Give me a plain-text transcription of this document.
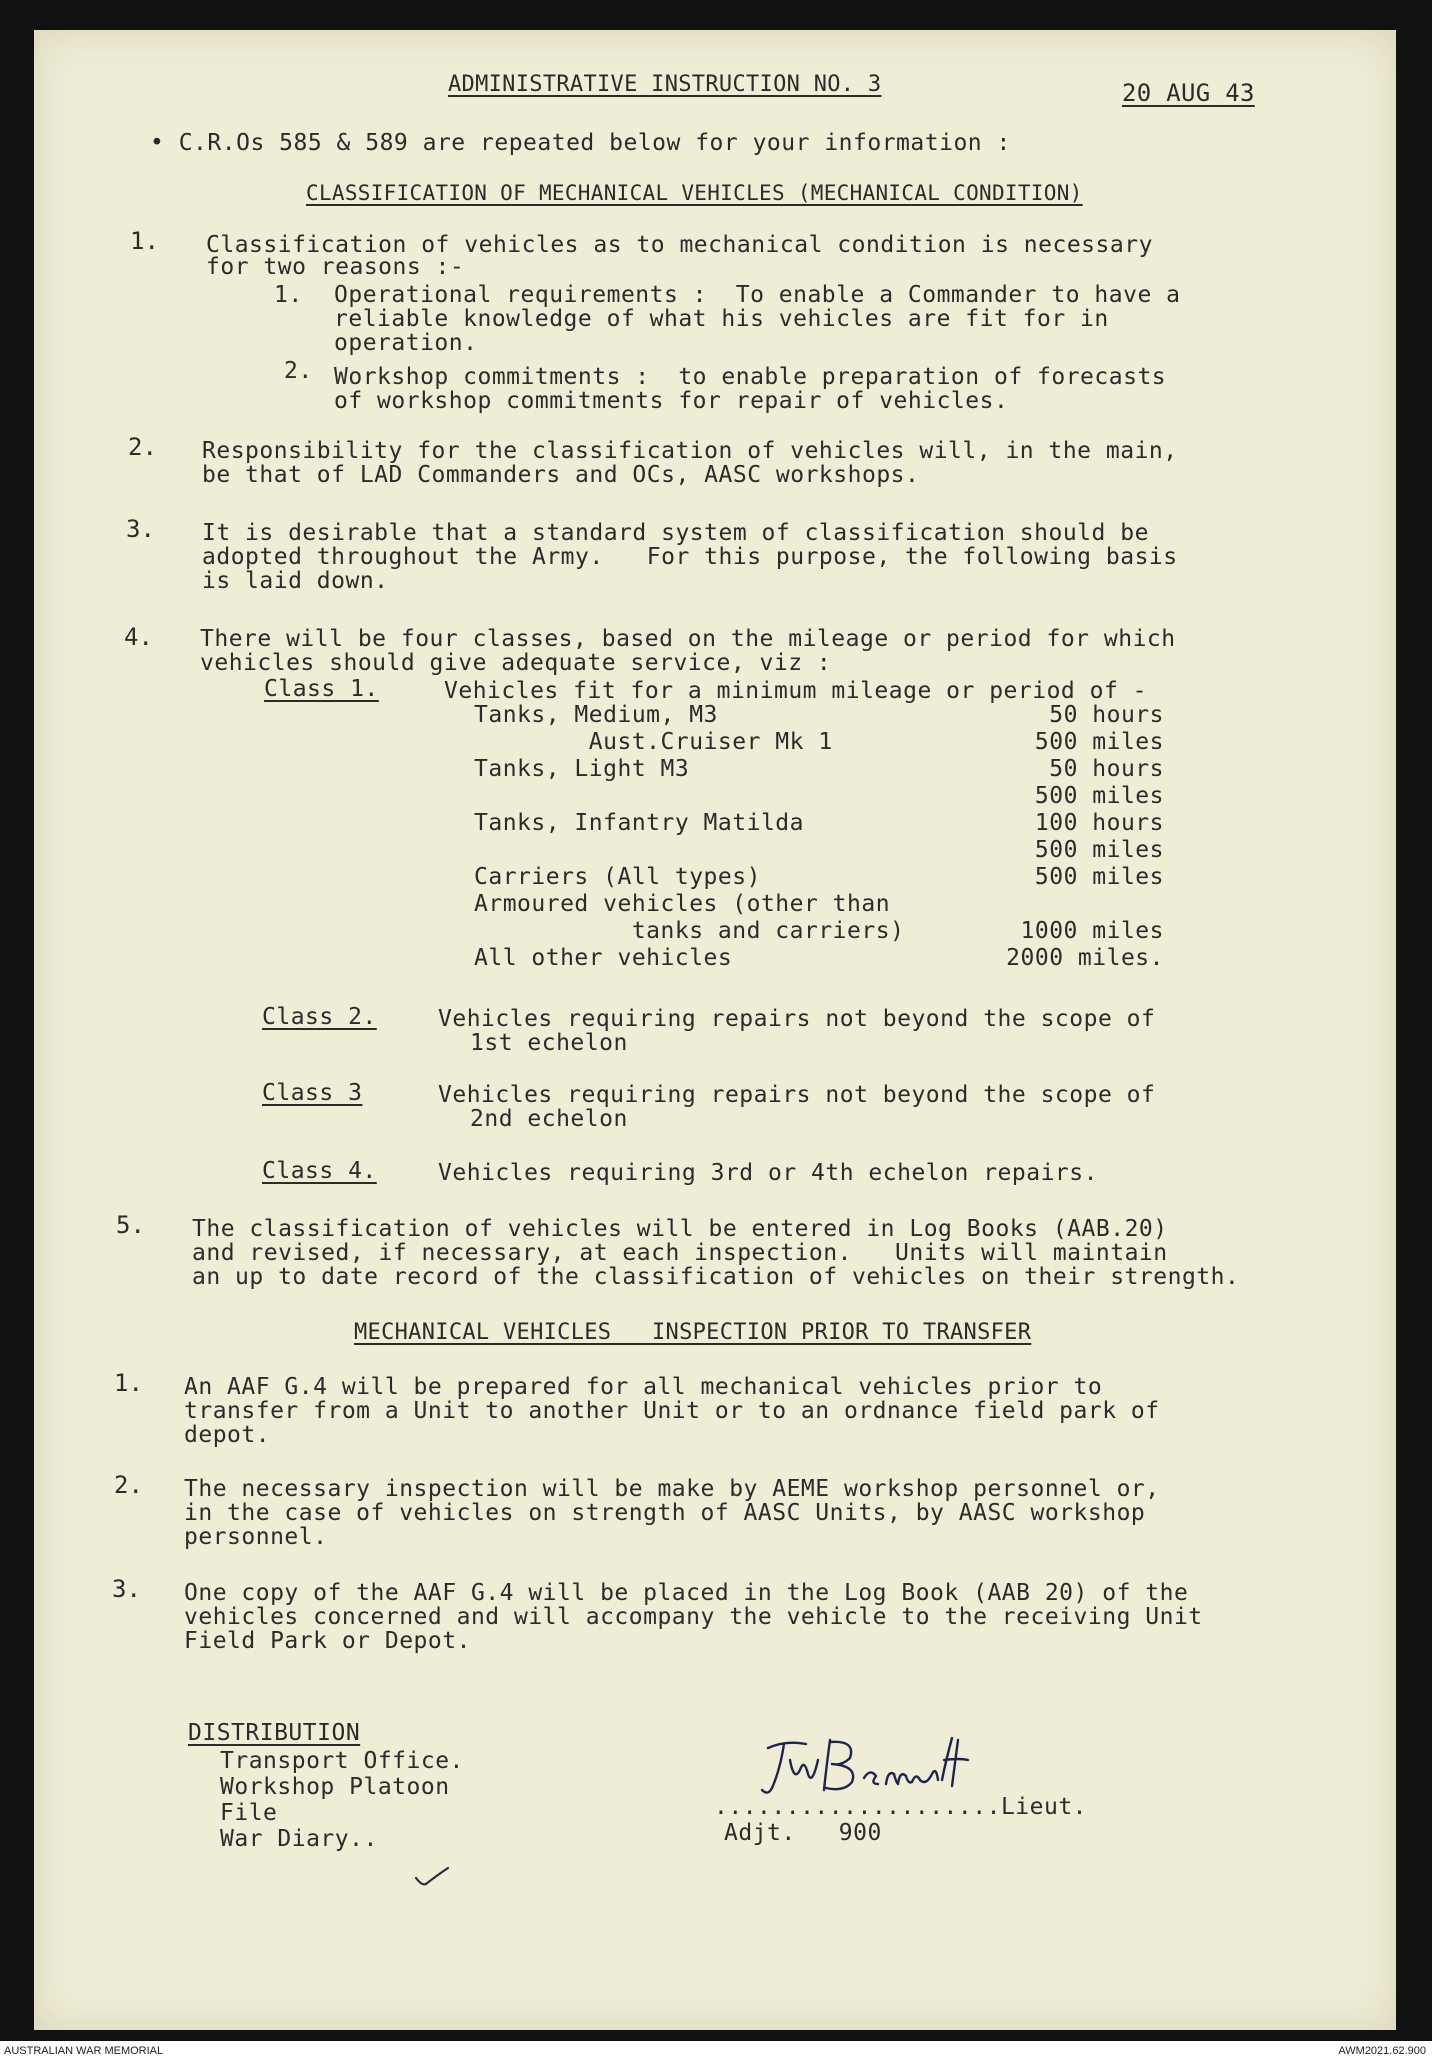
ADMINISTRATIVE INSTRUCTION NO. 3	20 AUG 43
• C.R.Os 585 & 589 are repeated below for your information :
CLASSIFICATION OF MECHANICAL VEHICLES (MECHANICAL CONDITION)
1. Classification of vehicles as to mechanical condition is necessary
for two reasons :-
1. Operational requirements :  To enable a Commander to have a
reliable knowledge of what his vehicles are fit for in
operation.
2. Workshop commitments :  to enable preparation of forecasts
of workshop commitments for repair of vehicles.
2. Responsibility for the classification of vehicles will, in the main,
be that of LAD Commanders and OCs, AASC workshops.
3. It is desirable that a standard system of classification should be
adopted throughout the Army.   For this purpose, the following basis
is laid down.
4. There will be four classes, based on the mileage or period for which
vehicles should give adequate service, viz :
Class 1.	Vehicles fit for a minimum mileage or period of -
Tanks, Medium, M3	50 hours
Aust.Cruiser Mk 1	500 miles
Tanks, Light M3	50 hours
500 miles
Tanks, Infantry Matilda	100 hours
500 miles
Carriers (All types)	500 miles
Armoured vehicles (other than
tanks and carriers)	1000 miles
All other vehicles	2000 miles.
Class 2.	Vehicles requiring repairs not beyond the scope of
1st echelon
Class 3	Vehicles requiring repairs not beyond the scope of
2nd echelon
Class 4.	Vehicles requiring 3rd or 4th echelon repairs.
5. The classification of vehicles will be entered in Log Books (AAB.20)
and revised, if necessary, at each inspection.   Units will maintain
an up to date record of the classification of vehicles on their strength.
MECHANICAL VEHICLES   INSPECTION PRIOR TO TRANSFER
1. An AAF G.4 will be prepared for all mechanical vehicles prior to
transfer from a Unit to another Unit or to an ordnance field park of
depot.
2. The necessary inspection will be make by AEME workshop personnel or,
in the case of vehicles on strength of AASC Units, by AASC workshop
personnel.
3. One copy of the AAF G.4 will be placed in the Log Book (AAB 20) of the
vehicles concerned and will accompany the vehicle to the receiving Unit
Field Park or Depot.
DISTRIBUTION
Transport Office.
Workshop Platoon
File
War Diary..
....................Lieut.
Adjt.   900
AUSTRALIAN WAR MEMORIAL	AWM2021.62.900
